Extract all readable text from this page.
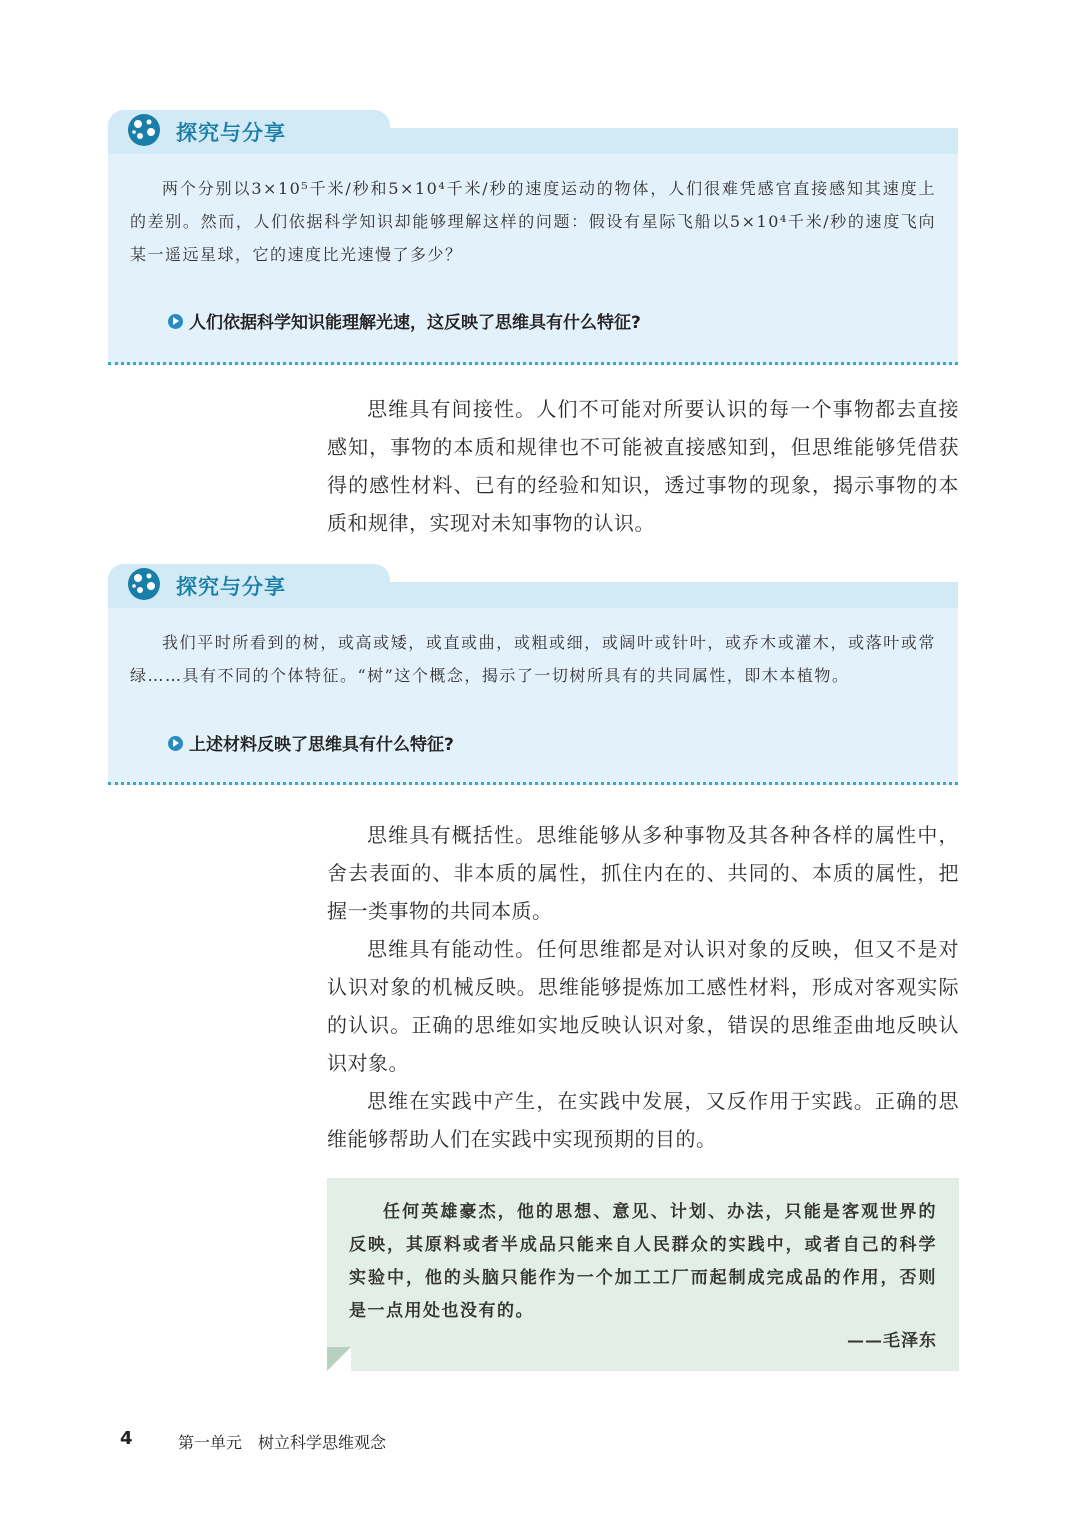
探究与分享
两个分别以3×10⁵千米/秒和5×10⁴千米/秒的速度运动的物体，人们很难凭感官直接感知其速度上的差别。然而，人们依据科学知识却能够理解这样的问题：假设有星际飞船以5×10⁴千米/秒的速度飞向某一遥远星球，它的速度比光速慢了多少？
人们依据科学知识能理解光速，这反映了思维具有什么特征?

思维具有间接性。人们不可能对所要认识的每一个事物都去直接感知，事物的本质和规律也不可能被直接感知到，但思维能够凭借获得的感性材料、已有的经验和知识，透过事物的现象，揭示事物的本质和规律，实现对未知事物的认识。

探究与分享
我们平时所看到的树，或高或矮，或直或曲，或粗或细，或阔叶或针叶，或乔木或灌木，或落叶或常绿……具有不同的个体特征。“树”这个概念，揭示了一切树所具有的共同属性，即木本植物。
上述材料反映了思维具有什么特征?

思维具有概括性。思维能够从多种事物及其各种各样的属性中，舍去表面的、非本质的属性，抓住内在的、共同的、本质的属性，把握一类事物的共同本质。

思维具有能动性。任何思维都是对认识对象的反映，但又不是对认识对象的机械反映。思维能够提炼加工感性材料，形成对客观实际的认识。正确的思维如实地反映认识对象，错误的思维歪曲地反映认识对象。

思维在实践中产生，在实践中发展，又反作用于实践。正确的思维能够帮助人们在实践中实现预期的目的。

任何英雄豪杰，他的思想、意见、计划、办法，只能是客观世界的反映，其原料或者半成品只能来自人民群众的实践中，或者自己的科学实验中，他的头脑只能作为一个加工工厂而起制成完成品的作用，否则是一点用处也没有的。
——毛泽东
4	第一单元　树立科学思维观念
